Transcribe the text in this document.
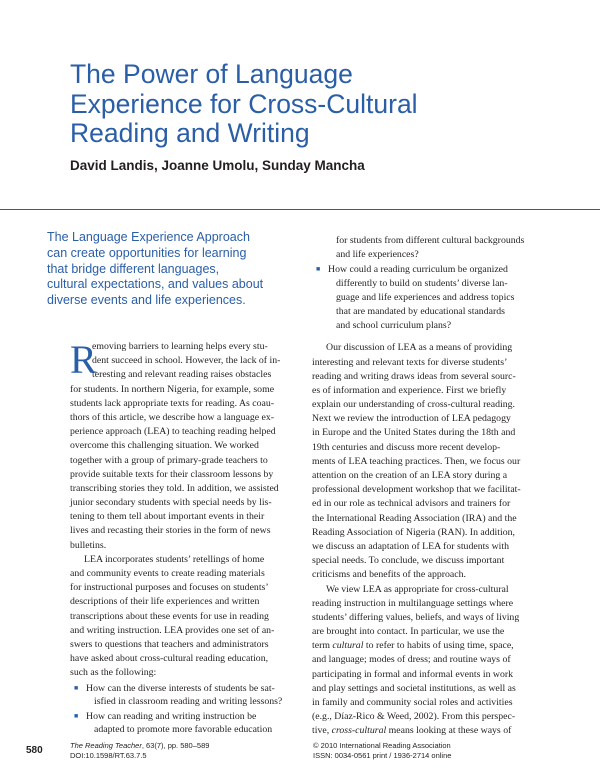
The Power of Language
Experience for Cross-Cultural
Reading and Writing
David Landis, Joanne Umolu, Sunday Mancha
The Language Experience Approach
can create opportunities for learning
that bridge different languages,
cultural expectations, and values about
diverse events and life experiences.
R
emoving barriers to learning helps every stu-
dent succeed in school. However, the lack of in-
teresting and relevant reading raises obstacles
for students. In northern Nigeria, for example, some
students lack appropriate texts for reading. As coau-
thors of this article, we describe how a language ex-
perience approach (LEA) to teaching reading helped
overcome this challenging situation. We worked
together with a group of primary-grade teachers to
provide suitable texts for their classroom lessons by
transcribing stories they told. In addition, we assisted
junior secondary students with special needs by lis-
tening to them tell about important events in their
lives and recasting their stories in the form of news
bulletins.
LEA incorporates students’ retellings of home
and community events to create reading materials
for instructional purposes and focuses on students’
descriptions of their life experiences and written
transcriptions about these events for use in reading
and writing instruction. LEA provides one set of an-
swers to questions that teachers and administrators
have asked about cross-cultural reading education,
such as the following:
■ How can the diverse interests of students be sat-
isfied in classroom reading and writing lessons?
■ How can reading and writing instruction be
adapted to promote more favorable education
for students from different cultural backgrounds
and life experiences?
■ How could a reading curriculum be organized
differently to build on students’ diverse lan-
guage and life experiences and address topics
that are mandated by educational standards
and school curriculum plans?
Our discussion of LEA as a means of providing
interesting and relevant texts for diverse students’
reading and writing draws ideas from several sourc-
es of information and experience. First we briefly
explain our understanding of cross-cultural reading.
Next we review the introduction of LEA pedagogy
in Europe and the United States during the 18th and
19th centuries and discuss more recent develop-
ments of LEA teaching practices. Then, we focus our
attention on the creation of an LEA story during a
professional development workshop that we facilitat-
ed in our role as technical advisors and trainers for
the International Reading Association (IRA) and the
Reading Association of Nigeria (RAN). In addition,
we discuss an adaptation of LEA for students with
special needs. To conclude, we discuss important
criticisms and benefits of the approach.
We view LEA as appropriate for cross-cultural
reading instruction in multilanguage settings where
students’ differing values, beliefs, and ways of living
are brought into contact. In particular, we use the
term cultural to refer to habits of using time, space,
and language; modes of dress; and routine ways of
participating in formal and informal events in work
and play settings and societal institutions, as well as
in family and community social roles and activities
(e.g., Díaz-Rico & Weed, 2002). From this perspec-
tive, cross-cultural means looking at these ways of
580	The Reading Teacher, 63(7), pp. 580–589
DOI:10.1598/RT.63.7.5
© 2010 International Reading Association
ISSN: 0034-0561 print / 1936-2714 online
